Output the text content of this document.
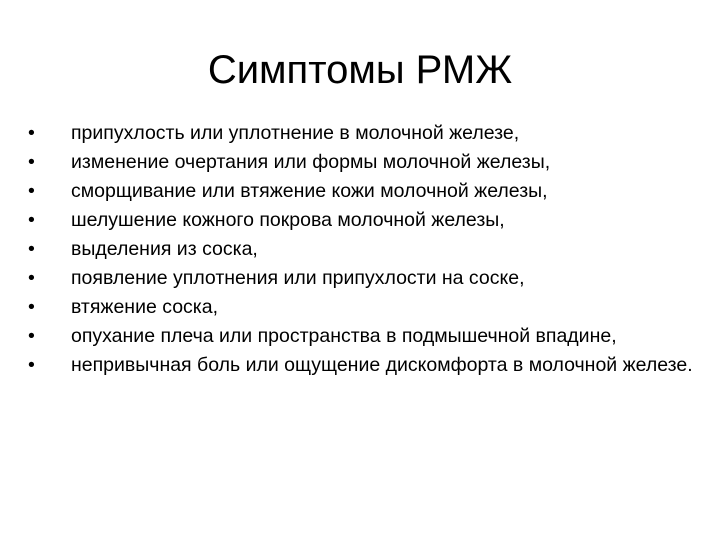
Симптомы РМЖ
•	припухлость или уплотнение в молочной железе,
•	изменение очертания или формы молочной железы,
•	сморщивание или втяжение кожи молочной железы,
•	шелушение кожного покрова молочной железы,
•	выделения из соска,
•	появление уплотнения или припухлости на соске,
•	втяжение соска,
•	опухание плеча или пространства в подмышечной впадине,
•	непривычная боль или ощущение дискомфорта в молочной железе.
